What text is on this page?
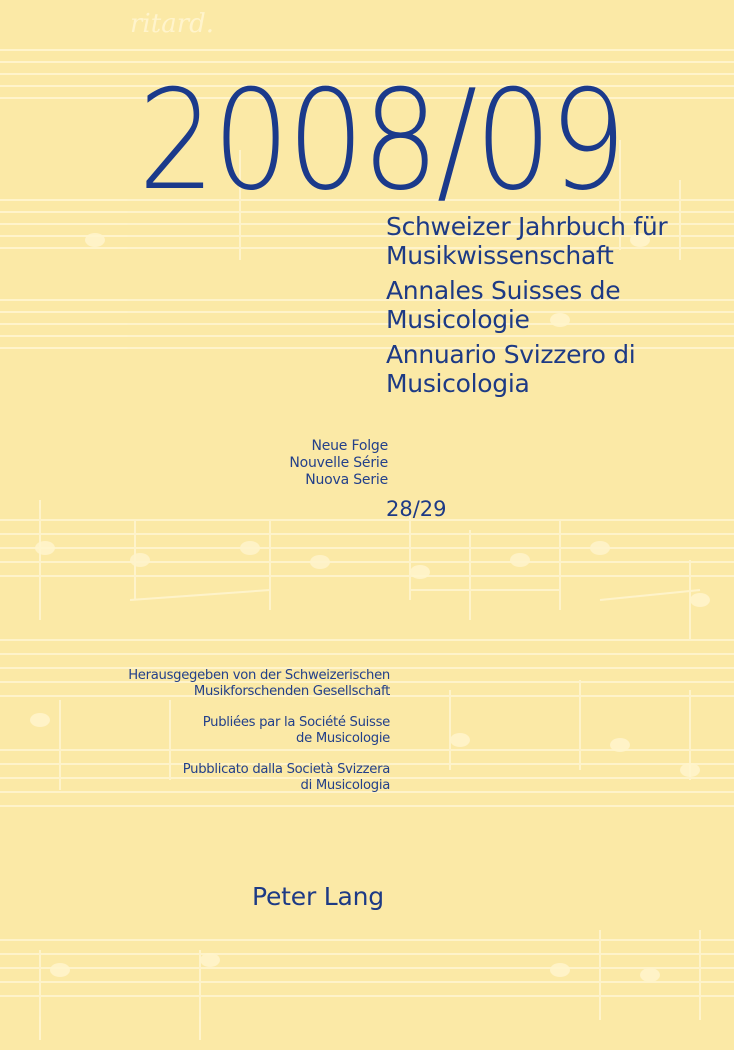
ritard.
2008/09
Schweizer Jahrbuch für
Musikwissenschaft
Annales Suisses de
Musicologie
Annuario Svizzero di
Musicologia
Neue Folge
Nouvelle Série
Nuova Serie
28/29
Herausgegeben von der Schweizerischen
Musikforschenden Gesellschaft
Publiées par la Société Suisse
de Musicologie
Pubblicato dalla Società Svizzera
di Musicologia
Peter Lang
